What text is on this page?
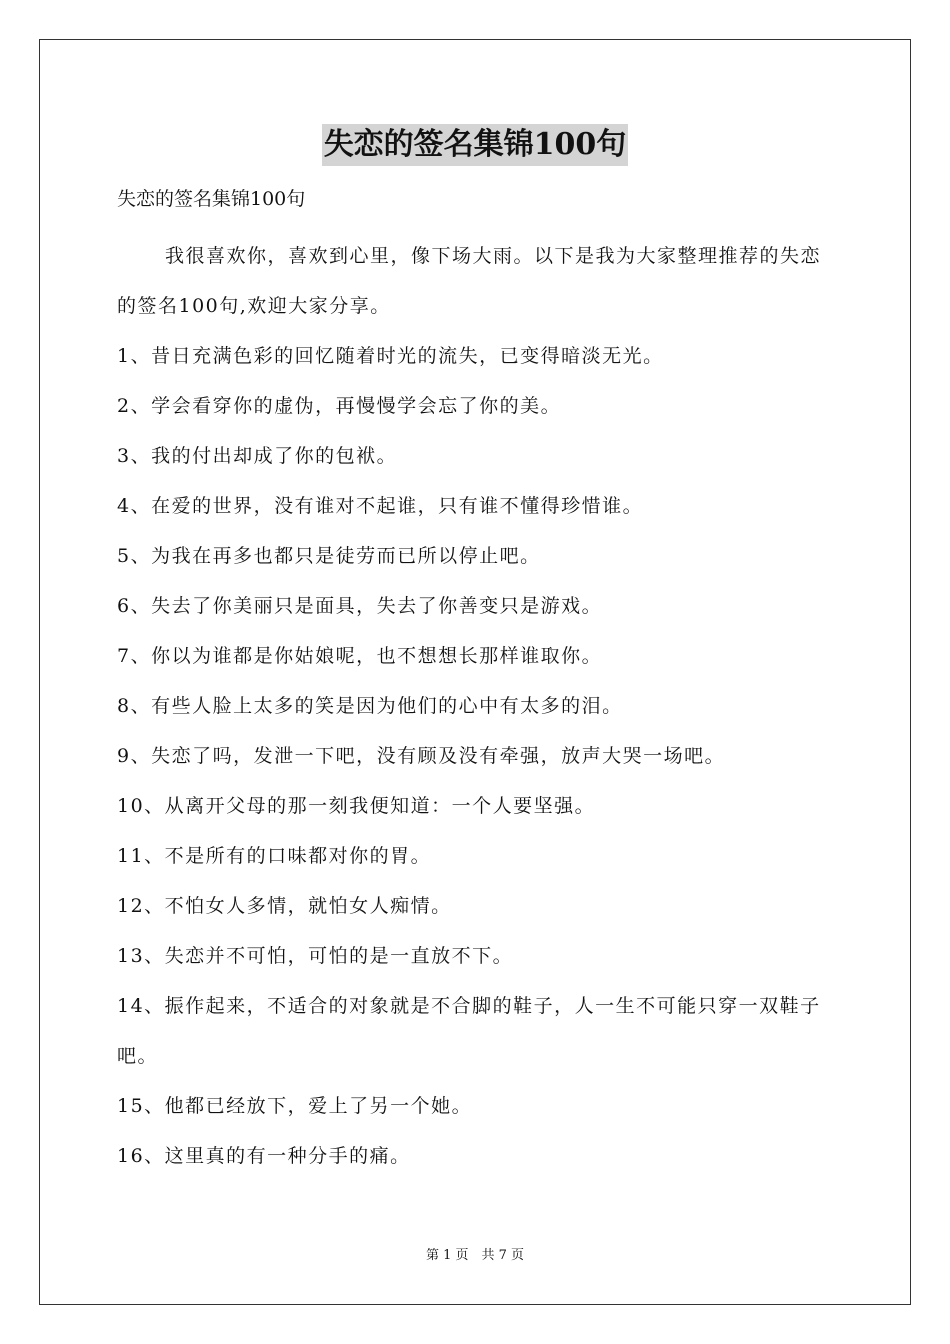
失恋的签名集锦100句
失恋的签名集锦100句

我很喜欢你，喜欢到心里，像下场大雨。以下是我为大家整理推荐的失恋的签名100句,欢迎大家分享。

1、昔日充满色彩的回忆随着时光的流失，已变得暗淡无光。

2、学会看穿你的虚伪，再慢慢学会忘了你的美。

3、我的付出却成了你的包袱。

4、在爱的世界，没有谁对不起谁，只有谁不懂得珍惜谁。

5、为我在再多也都只是徒劳而已所以停止吧。

6、失去了你美丽只是面具，失去了你善变只是游戏。

7、你以为谁都是你姑娘呢，也不想想长那样谁取你。

8、有些人脸上太多的笑是因为他们的心中有太多的泪。

9、失恋了吗，发泄一下吧，没有顾及没有牵强，放声大哭一场吧。

10、从离开父母的那一刻我便知道：一个人要坚强。

11、不是所有的口味都对你的胃。

12、不怕女人多情，就怕女人痴情。

13、失恋并不可怕，可怕的是一直放不下。

14、振作起来，不适合的对象就是不合脚的鞋子，人一生不可能只穿一双鞋子吧。

15、他都已经放下，爱上了另一个她。

16、这里真的有一种分手的痛。

第 1 页　共 7 页
